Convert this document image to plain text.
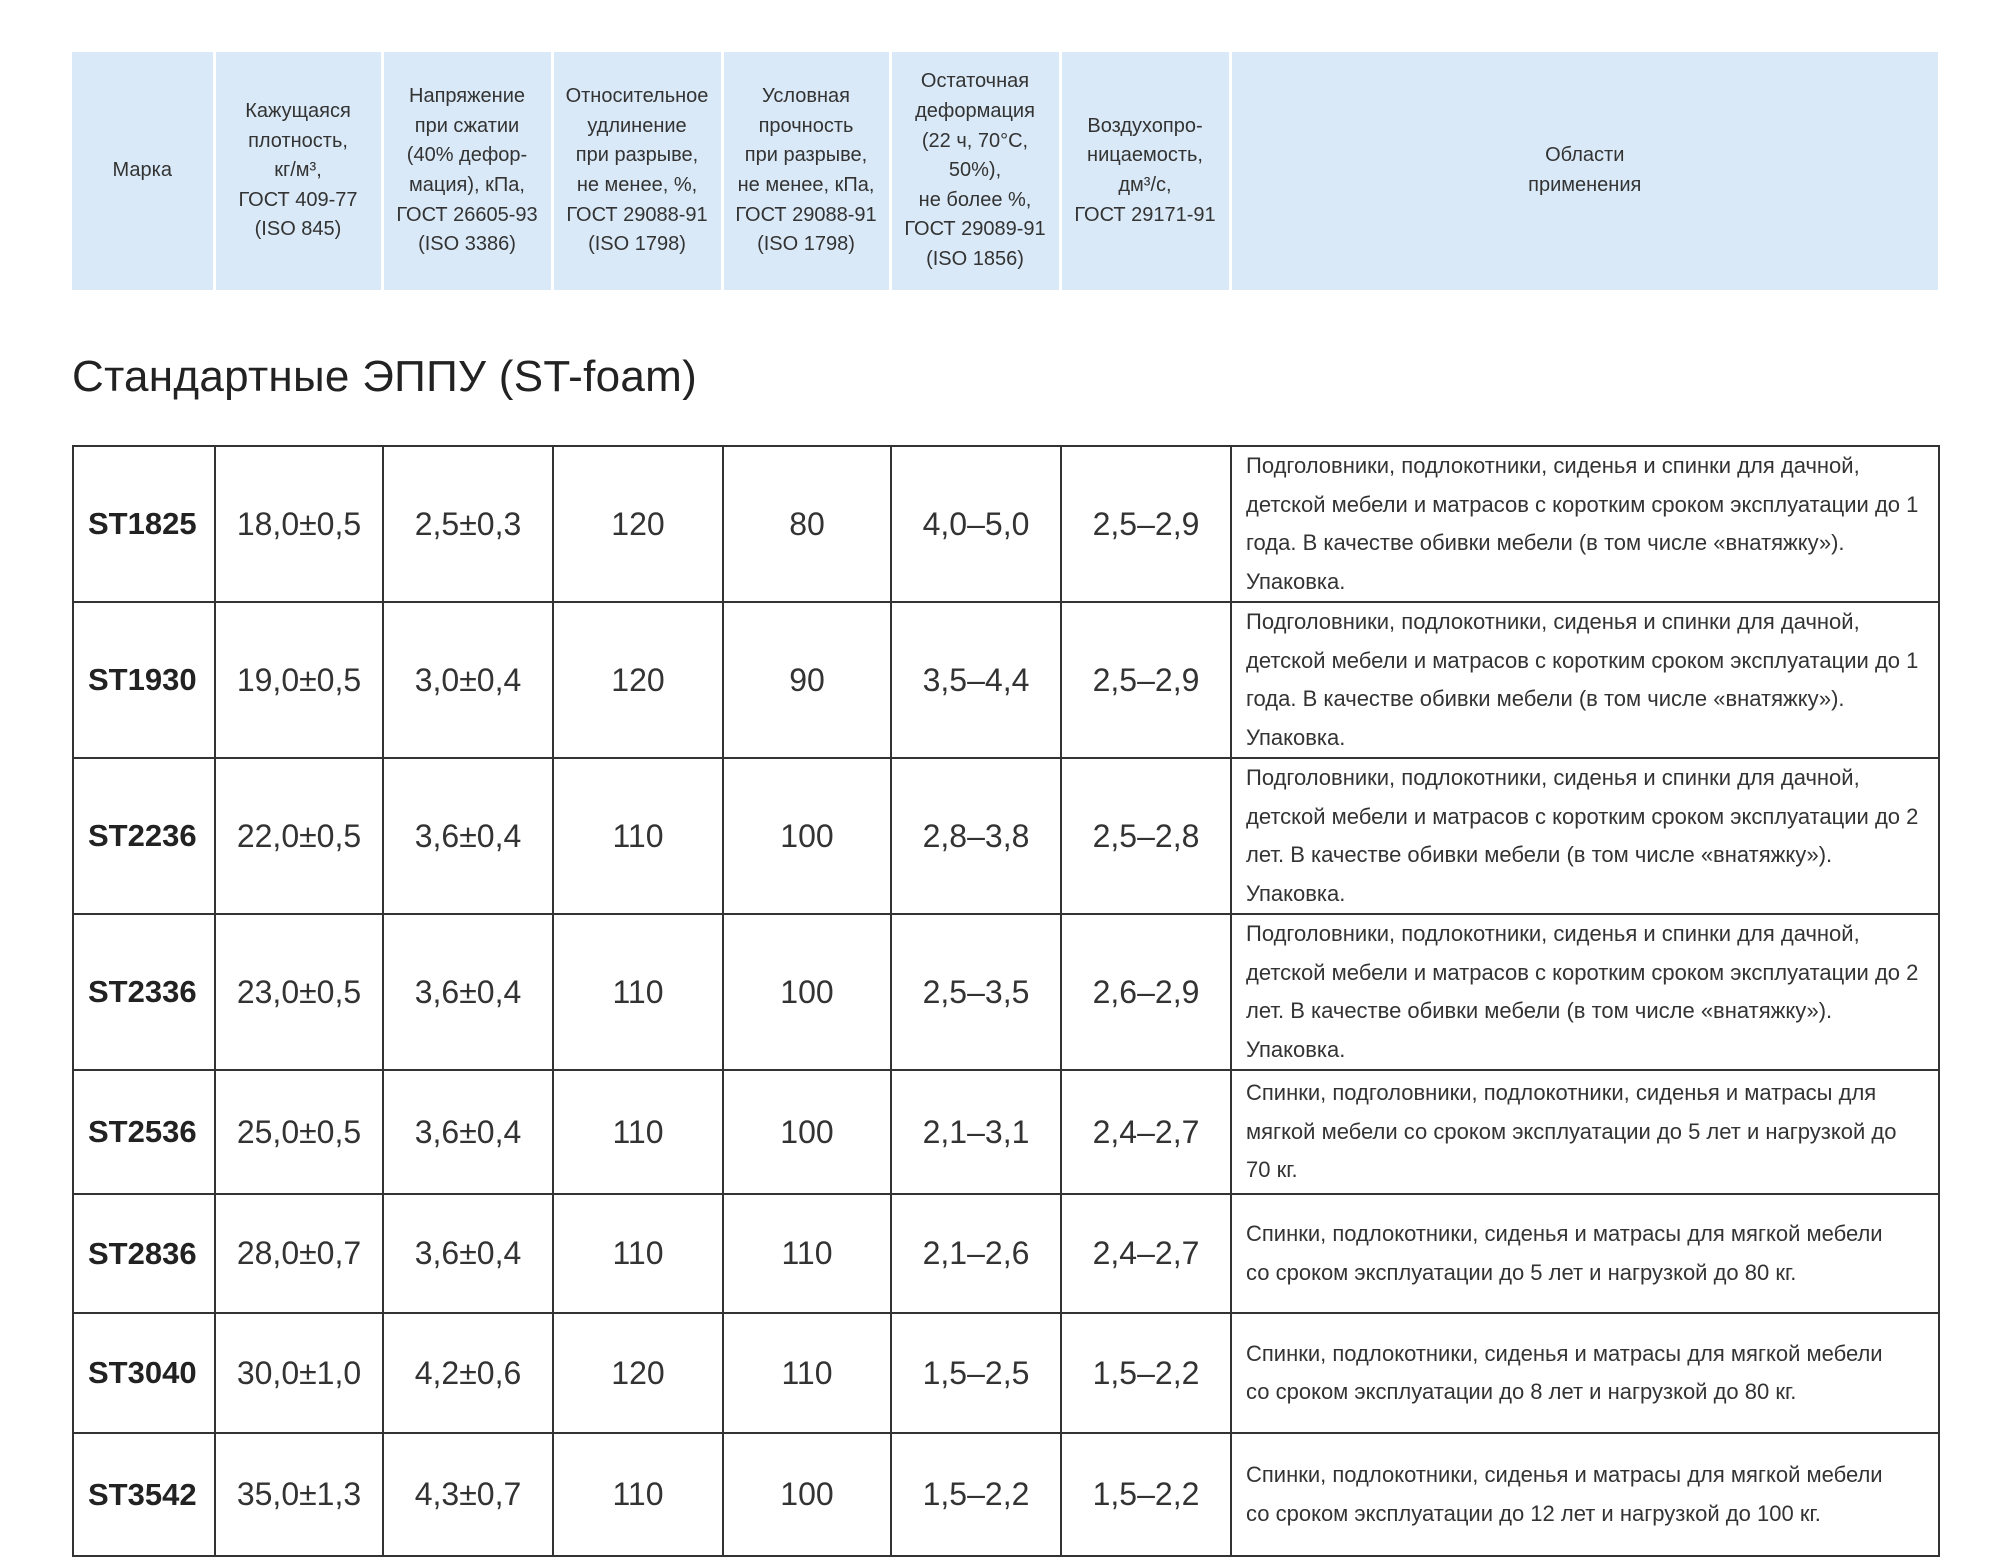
Марка	Кажущаяся
плотность,
кг/м³,
ГОСТ 409-77
(ISO 845)	Напряжение
при сжатии
(40% дефор-
мация), кПа,
ГОСТ 26605-93
(ISO 3386)	Относительное
удлинение
при разрыве,
не менее, %,
ГОСТ 29088-91
(ISO 1798)	Условная
прочность
при разрыве,
не менее, кПа,
ГОСТ 29088-91
(ISO 1798)	Остаточная
деформация
(22 ч, 70°С, 50%),
не более %,
ГОСТ 29089-91
(ISO 1856)	Воздухопро-
ницаемость,
дм³/с,
ГОСТ 29171-91	Области
применения
Стандартные ЭППУ (ST-foam)
ST1825	18,0±0,5	2,5±0,3	120	80	4,0–5,0	2,5–2,9	Подголовники, подлокотники, сиденья и спинки для дачной, детской мебели и матрасов с коротким сроком эксплуатации до 1 года. В качестве обивки мебели (в том числе «внатяжку»). Упаковка.
ST1930	19,0±0,5	3,0±0,4	120	90	3,5–4,4	2,5–2,9	Подголовники, подлокотники, сиденья и спинки для дачной, детской мебели и матрасов с коротким сроком эксплуатации до 1 года. В качестве обивки мебели (в том числе «внатяжку»). Упаковка.
ST2236	22,0±0,5	3,6±0,4	110	100	2,8–3,8	2,5–2,8	Подголовники, подлокотники, сиденья и спинки для дачной, детской мебели и матрасов с коротким сроком эксплуатации до 2 лет. В качестве обивки мебели (в том числе «внатяжку»). Упаковка.
ST2336	23,0±0,5	3,6±0,4	110	100	2,5–3,5	2,6–2,9	Подголовники, подлокотники, сиденья и спинки для дачной, детской мебели и матрасов с коротким сроком эксплуатации до 2 лет. В качестве обивки мебели (в том числе «внатяжку»). Упаковка.
ST2536	25,0±0,5	3,6±0,4	110	100	2,1–3,1	2,4–2,7	Спинки, подголовники, подлокотники, сиденья и матрасы для мягкой мебели со сроком эксплуатации до 5 лет и нагрузкой до 70 кг.
ST2836	28,0±0,7	3,6±0,4	110	110	2,1–2,6	2,4–2,7	Спинки, подлокотники, сиденья и матрасы для мягкой мебели
со сроком эксплуатации до 5 лет и нагрузкой до 80 кг.
ST3040	30,0±1,0	4,2±0,6	120	110	1,5–2,5	1,5–2,2	Спинки, подлокотники, сиденья и матрасы для мягкой мебели
со сроком эксплуатации до 8 лет и нагрузкой до 80 кг.
ST3542	35,0±1,3	4,3±0,7	110	100	1,5–2,2	1,5–2,2	Спинки, подлокотники, сиденья и матрасы для мягкой мебели
со сроком эксплуатации до 12 лет и нагрузкой до 100 кг.
